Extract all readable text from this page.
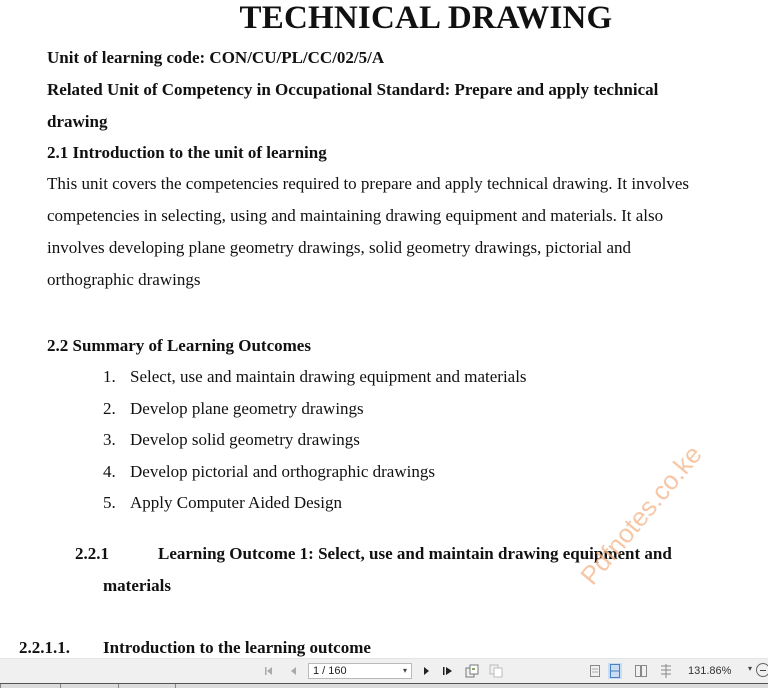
TECHNICAL DRAWING
Unit of learning code: CON/CU/PL/CC/02/5/A
Related Unit of Competency in Occupational Standard: Prepare and apply technical
drawing
2.1 Introduction to the unit of learning
This unit covers the competencies required to prepare and apply technical drawing. It involves
competencies in selecting, using and maintaining drawing equipment and materials. It also
involves developing plane geometry drawings, solid geometry drawings, pictorial and
orthographic drawings
2.2 Summary of Learning Outcomes
1. Select, use and maintain drawing equipment and materials
2. Develop plane geometry drawings
3. Develop solid geometry drawings
4. Develop pictorial and orthographic drawings
5. Apply Computer Aided Design
2.2.1	Learning Outcome 1: Select, use and maintain drawing equipment and
materials
2.2.1.1. Introduction to the learning outcome
Pdfnotes.co.ke
1 / 160	▾	131.86% ▾
